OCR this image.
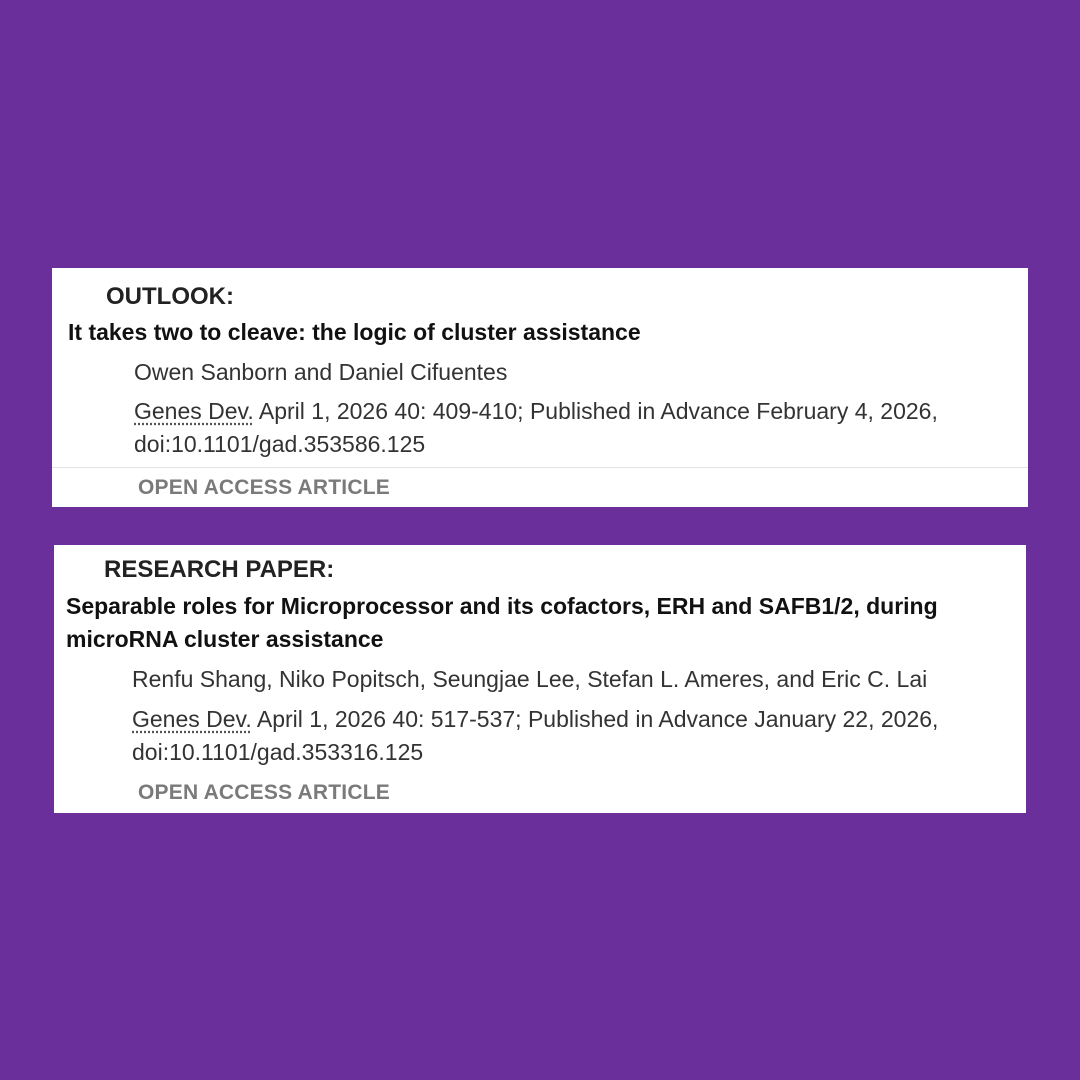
OUTLOOK:
It takes two to cleave: the logic of cluster assistance
Owen Sanborn and Daniel Cifuentes
Genes Dev. April 1, 2026 40: 409-410; Published in Advance February 4, 2026, doi:10.1101/gad.353586.125
OPEN ACCESS ARTICLE
RESEARCH PAPER:
Separable roles for Microprocessor and its cofactors, ERH and SAFB1/2, during microRNA cluster assistance
Renfu Shang, Niko Popitsch, Seungjae Lee, Stefan L. Ameres, and Eric C. Lai
Genes Dev. April 1, 2026 40: 517-537; Published in Advance January 22, 2026, doi:10.1101/gad.353316.125
OPEN ACCESS ARTICLE
